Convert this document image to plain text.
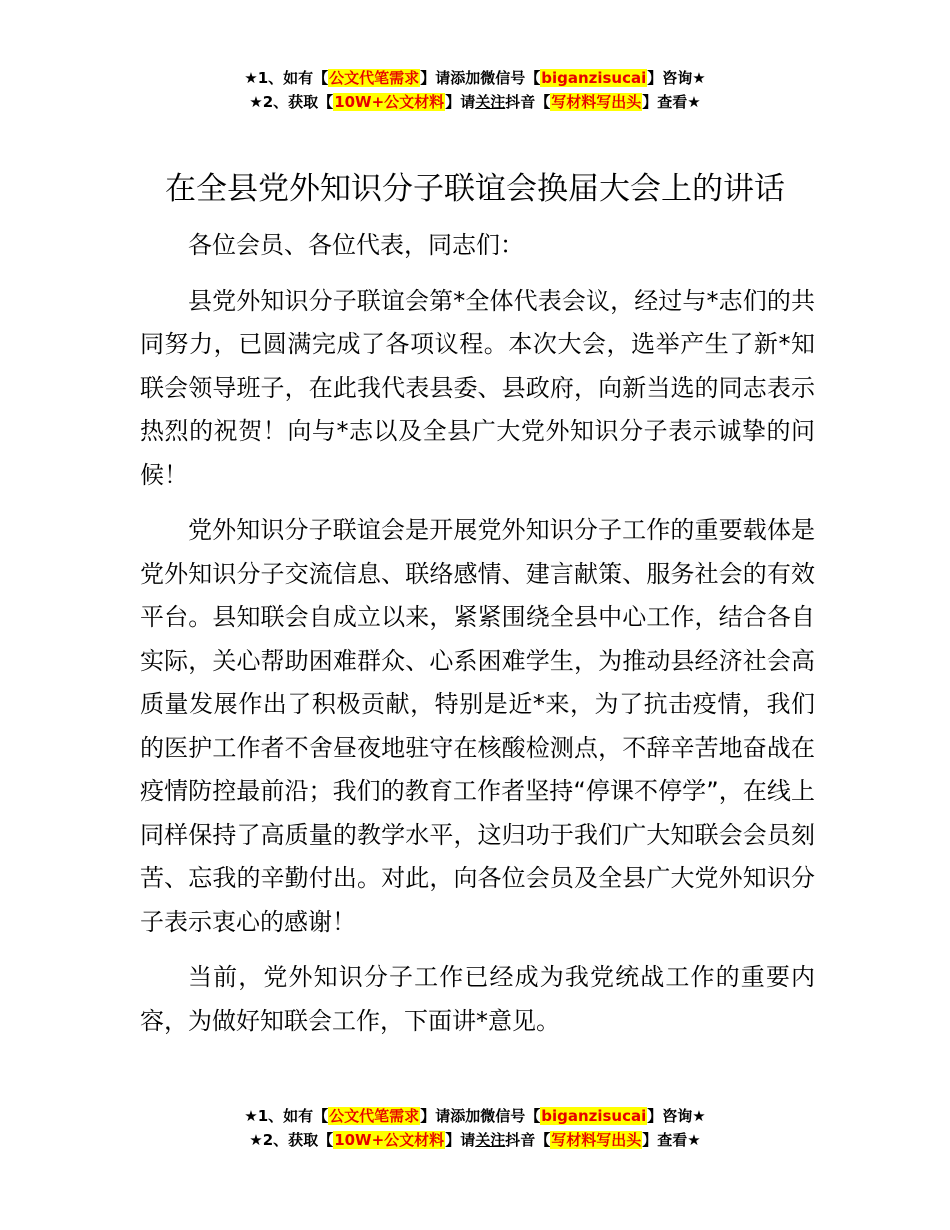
★1、如有【公文代笔需求】请添加微信号【biganzisucai】咨询★
★2、获取【10W+公文材料】请关注抖音【写材料写出头】查看★
在全县党外知识分子联谊会换届大会上的讲话

各位会员、各位代表，同志们：

县党外知识分子联谊会第*全体代表会议，经过与*志们的共同努力，已圆满完成了各项议程。本次大会，选举产生了新*知联会领导班子，在此我代表县委、县政府，向新当选的同志表示热烈的祝贺！向与*志以及全县广大党外知识分子表示诚挚的问候！

党外知识分子联谊会是开展党外知识分子工作的重要载体是党外知识分子交流信息、联络感情、建言献策、服务社会的有效平台。县知联会自成立以来，紧紧围绕全县中心工作，结合各自实际，关心帮助困难群众、心系困难学生，为推动县经济社会高质量发展作出了积极贡献，特别是近*来，为了抗击疫情，我们的医护工作者不舍昼夜地驻守在核酸检测点，不辞辛苦地奋战在疫情防控最前沿；我们的教育工作者坚持“停课不停学”，在线上同样保持了高质量的教学水平，这归功于我们广大知联会会员刻苦、忘我的辛勤付出。对此，向各位会员及全县广大党外知识分子表示衷心的感谢！

当前，党外知识分子工作已经成为我党统战工作的重要内容，为做好知联会工作，下面讲*意见。

★1、如有【公文代笔需求】请添加微信号【biganzisucai】咨询★
★2、获取【10W+公文材料】请关注抖音【写材料写出头】查看★
